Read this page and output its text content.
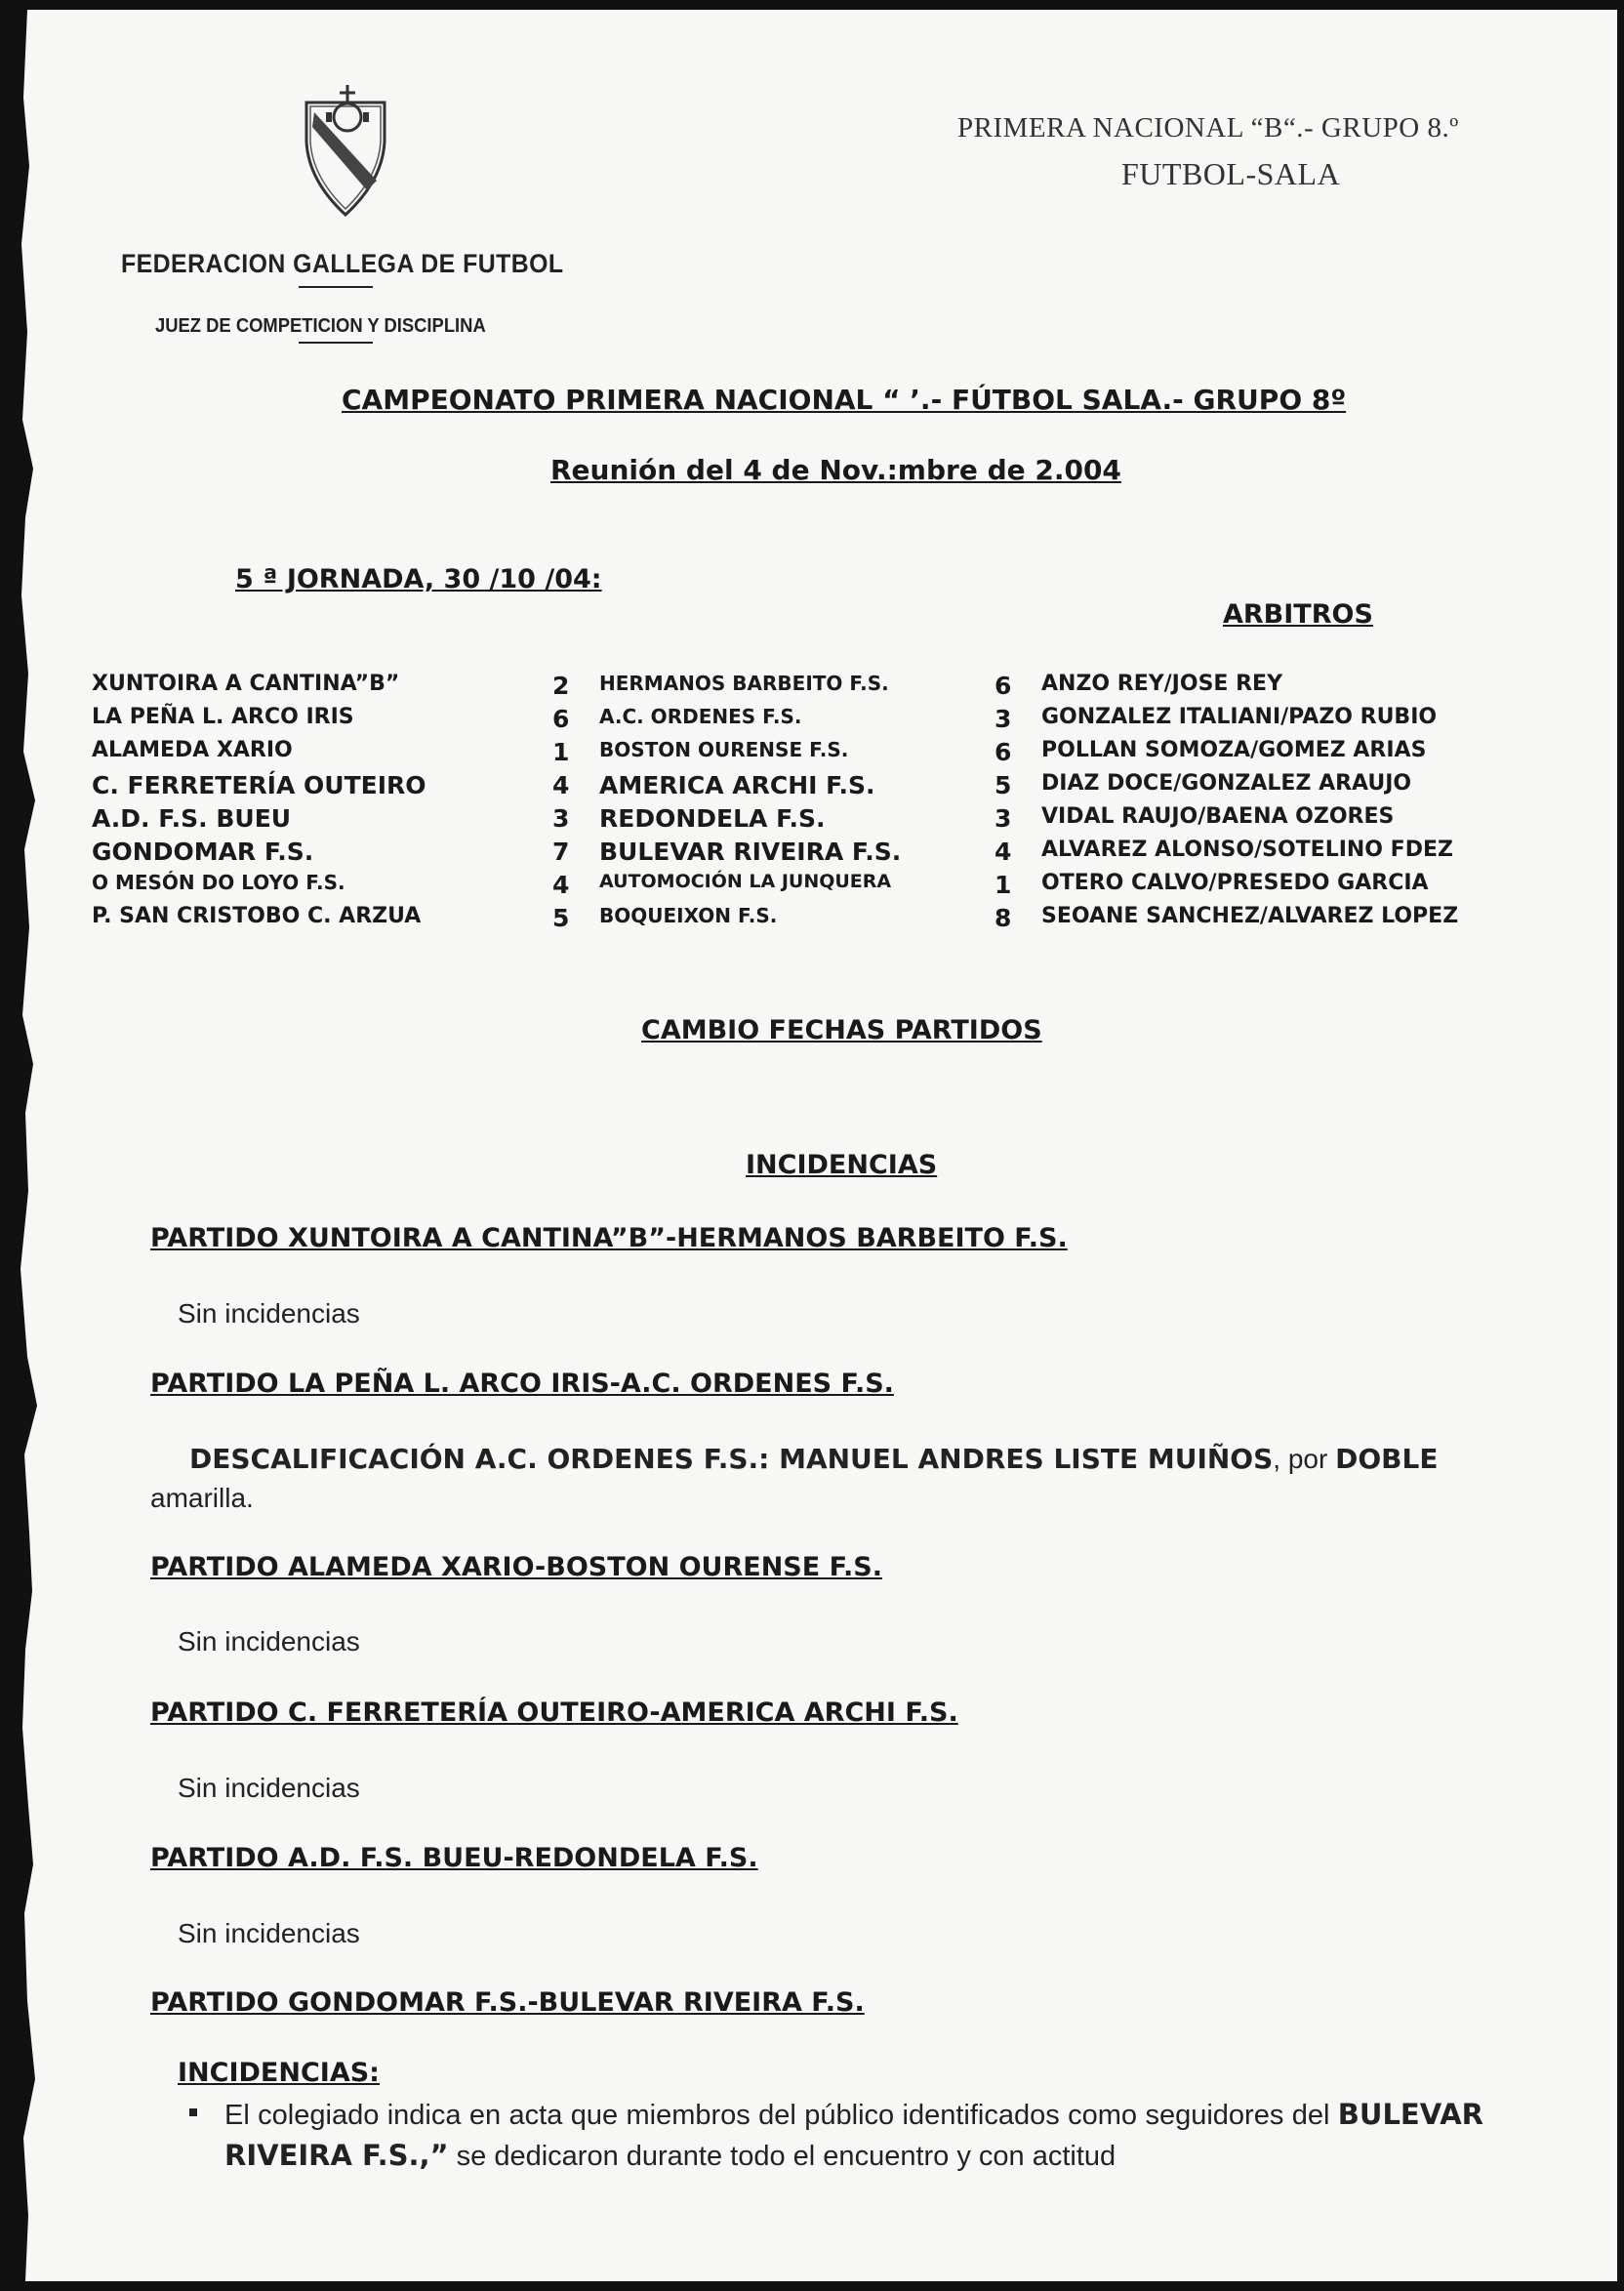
PRIMERA NACIONAL “B“.- GRUPO 8.º
FUTBOL-SALA
FEDERACION GALLEGA DE FUTBOL
JUEZ DE COMPETICION Y DISCIPLINA
CAMPEONATO PRIMERA NACIONAL “ ’.- FÚTBOL SALA.- GRUPO 8º
Reunión del 4 de Nov.:mbre de 2.004
5 ª JORNADA, 30 /10 /04:
ARBITROS
XUNTOIRA A CANTINA”B”	2 HERMANOS BARBEITO F.S.	6 ANZO REY/JOSE REY
LA PEÑA L. ARCO IRIS	6 A.C. ORDENES F.S.	3 GONZALEZ ITALIANI/PAZO RUBIO
ALAMEDA XARIO	1 BOSTON OURENSE F.S.	6 POLLAN SOMOZA/GOMEZ ARIAS
C. FERRETERÍA OUTEIRO	4 AMERICA ARCHI F.S.	5 DIAZ DOCE/GONZALEZ ARAUJO
A.D. F.S. BUEU	3 REDONDELA F.S.	3 VIDAL RAUJO/BAENA OZORES
GONDOMAR F.S.	7 BULEVAR RIVEIRA F.S.	4 ALVAREZ ALONSO/SOTELINO FDEZ
O MESÓN DO LOYO F.S.	4 AUTOMOCIÓN LA JUNQUERA	1 OTERO CALVO/PRESEDO GARCIA
P. SAN CRISTOBO C. ARZUA	5 BOQUEIXON F.S.	8 SEOANE SANCHEZ/ALVAREZ LOPEZ
CAMBIO FECHAS PARTIDOS
INCIDENCIAS
PARTIDO XUNTOIRA A CANTINA”B”-HERMANOS BARBEITO F.S.
Sin incidencias
PARTIDO LA PEÑA L. ARCO IRIS-A.C. ORDENES F.S.
DESCALIFICACIÓN A.C. ORDENES F.S.: MANUEL ANDRES LISTE MUIÑOS, por DOBLE
amarilla.
PARTIDO ALAMEDA XARIO-BOSTON OURENSE F.S.
Sin incidencias
PARTIDO C. FERRETERÍA OUTEIRO-AMERICA ARCHI F.S.
Sin incidencias
PARTIDO A.D. F.S. BUEU-REDONDELA F.S.
Sin incidencias
PARTIDO GONDOMAR F.S.-BULEVAR RIVEIRA F.S.
INCIDENCIAS:
El colegiado indica en acta que miembros del público identificados como seguidores del BULEVAR RIVEIRA F.S.,” se dedicaron durante todo el encuentro y con actitud
